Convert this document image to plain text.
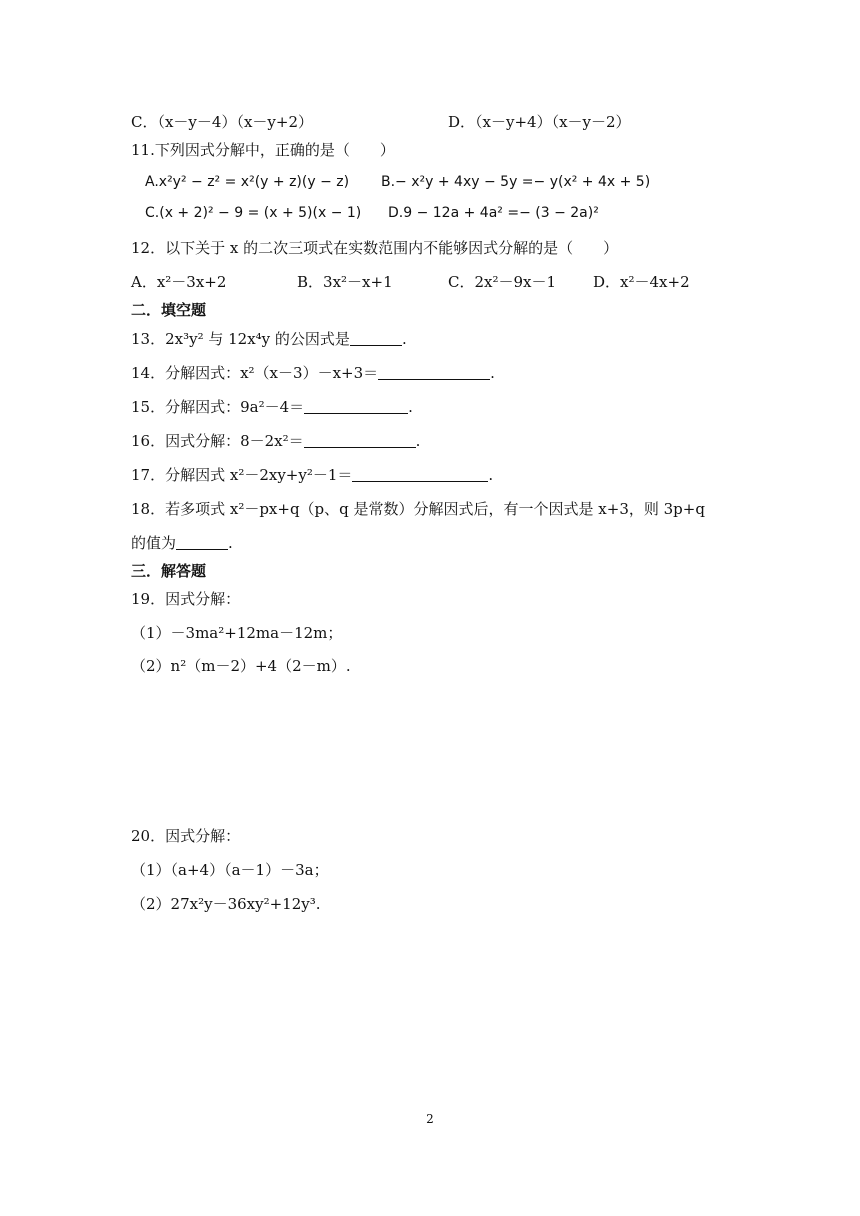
C．（x－y－4）（x－y+2）	D．（x－y+4）（x－y－2）
11.下列因式分解中，正确的是（　　）
A.x²y² − z² = x²(y + z)(y − z) B.− x²y + 4xy − 5y =− y(x² + 4x + 5)
C.(x + 2)² − 9 = (x + 5)(x − 1) D.9 − 12a + 4a² =− (3 − 2a)²
12．以下关于 x 的二次三项式在实数范围内不能够因式分解的是（　　）
A．x²－3x+2	B．3x²－x+1	C．2x²－9x－1 D．x²－4x+2
二．填空题
13．2x³y² 与 12x⁴y 的公因式是	.
14．分解因式：x²（x－3）－x+3＝	.
15．分解因式：9a²－4＝	.
16．因式分解：8－2x²＝	.
17．分解因式 x²－2xy+y²－1＝	.
18．若多项式 x²－px+q（p、q 是常数）分解因式后，有一个因式是 x+3，则 3p+q
的值为	.
三．解答题
19．因式分解：
（1）－3ma²+12ma－12m；
（2）n²（m－2）+4（2－m）.
20．因式分解：
（1）（a+4）（a－1）－3a；
（2）27x²y－36xy²+12y³.
2
